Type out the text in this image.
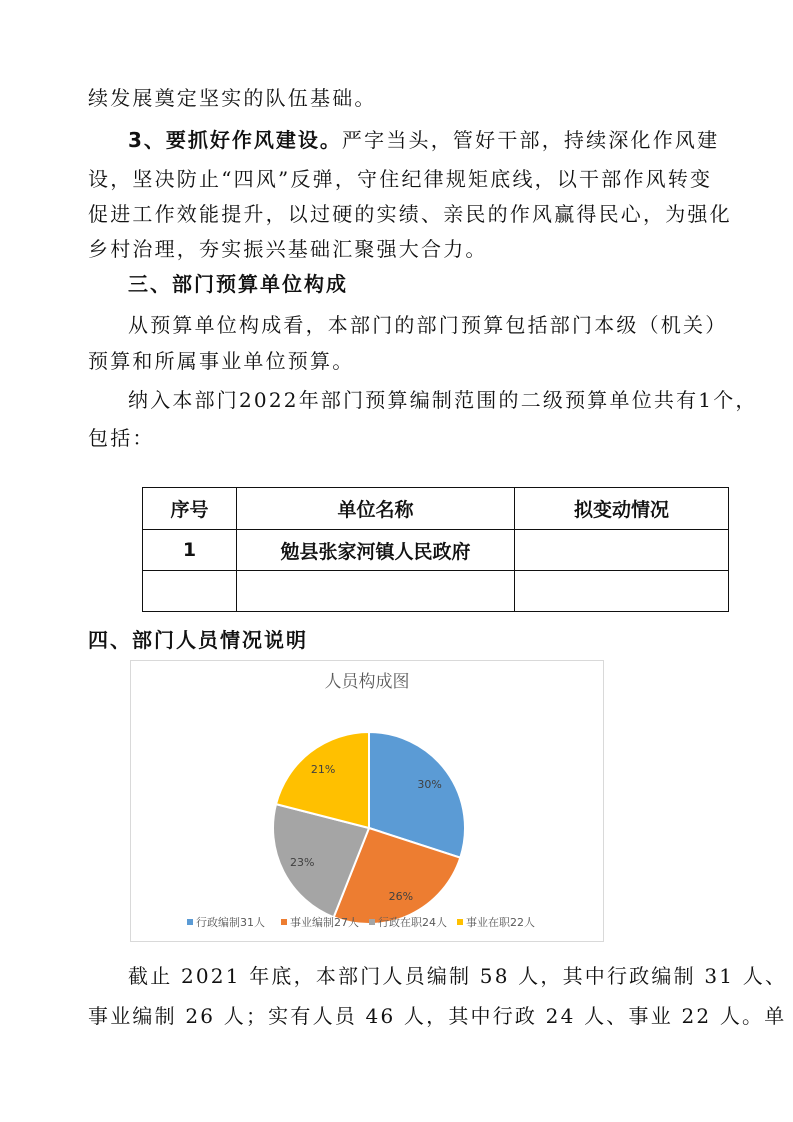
续发展奠定坚实的队伍基础。
3、要抓好作风建设。严字当头，管好干部，持续深化作风建
设，坚决防止“四风”反弹，守住纪律规矩底线，以干部作风转变
促进工作效能提升，以过硬的实绩、亲民的作风赢得民心，为强化
乡村治理，夯实振兴基础汇聚强大合力。
三、部门预算单位构成
从预算单位构成看，本部门的部门预算包括部门本级（机关）
预算和所属事业单位预算。
纳入本部门2022年部门预算编制范围的二级预算单位共有1个，
包括：
序号	单位名称	拟变动情况
1	勉县张家河镇人民政府	

四、部门人员情况说明
人员构成图
30%
26%
23%
21%
行政编制31人 事业编制27人 行政在职24人 事业在职22人
截止 2021 年底，本部门人员编制 58 人，其中行政编制 31 人、
事业编制 26 人；实有人员 46 人，其中行政 24 人、事业 22 人。单
